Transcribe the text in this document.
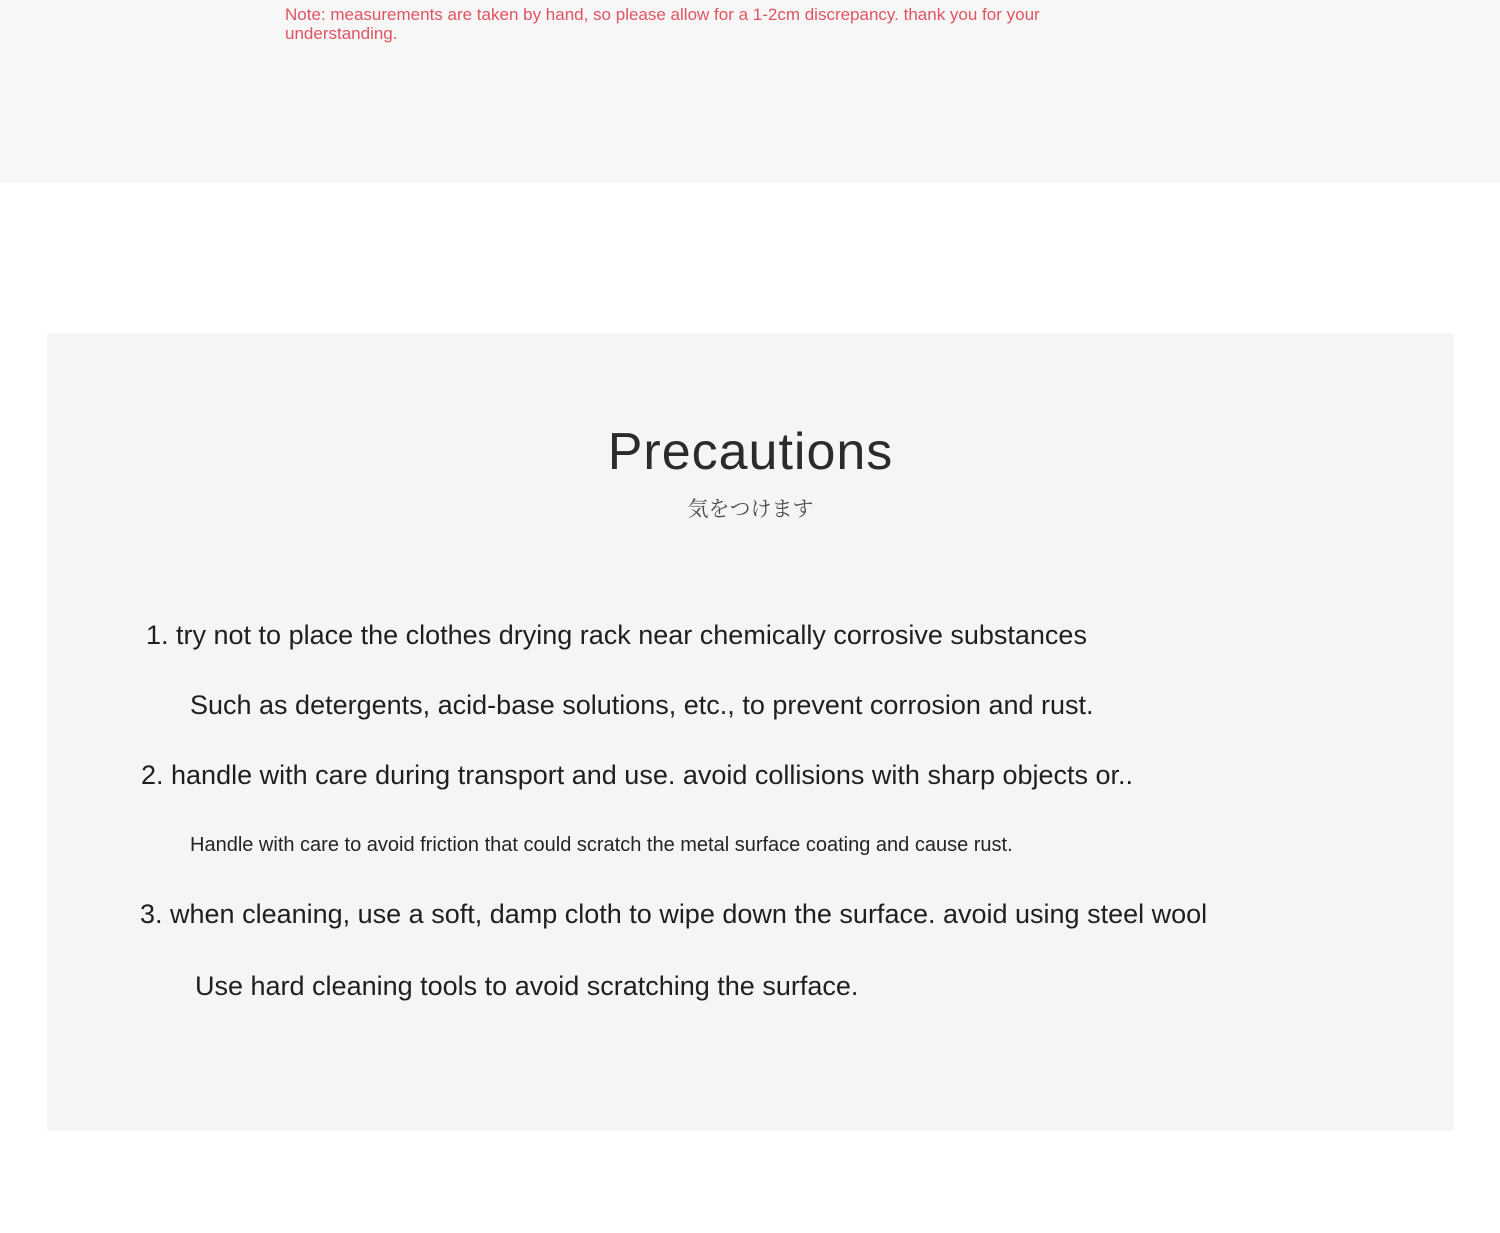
Note: measurements are taken by hand, so please allow for a 1-2cm discrepancy. thank you for your understanding.
Precautions
気をつけます
1. try not to place the clothes drying rack near chemically corrosive substances
Such as detergents, acid-base solutions, etc., to prevent corrosion and rust.
2. handle with care during transport and use. avoid collisions with sharp objects or..
Handle with care to avoid friction that could scratch the metal surface coating and cause rust.
3. when cleaning, use a soft, damp cloth to wipe down the surface. avoid using steel wool
Use hard cleaning tools to avoid scratching the surface.
